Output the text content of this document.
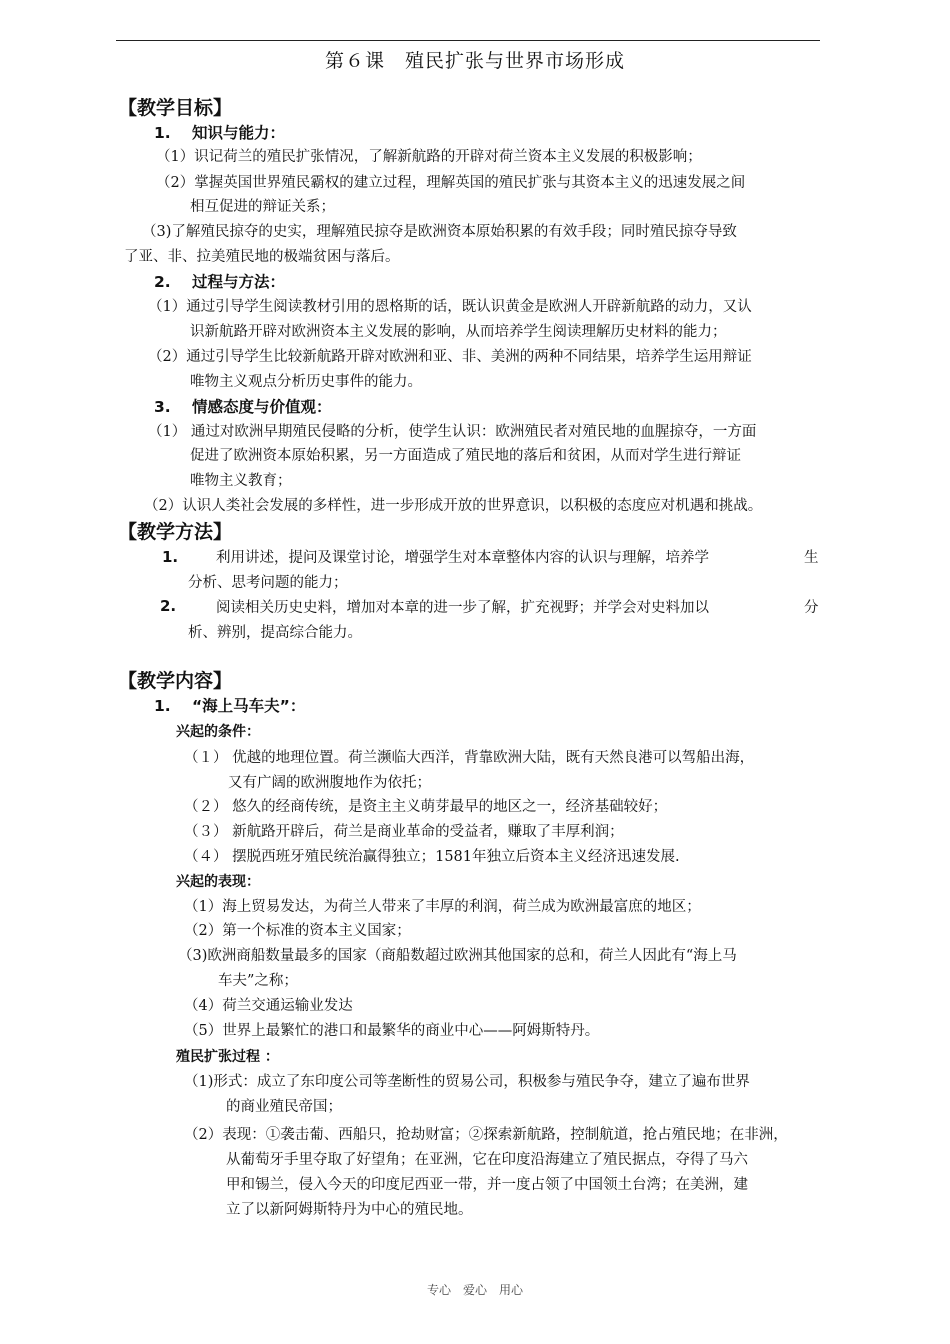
第６课　殖民扩张与世界市场形成
【教学目标】
1. 知识与能力：
（1）识记荷兰的殖民扩张情况，了解新航路的开辟对荷兰资本主义发展的积极影响；
（2）掌握英国世界殖民霸权的建立过程，理解英国的殖民扩张与其资本主义的迅速发展之间
相互促进的辩证关系；
（3)了解殖民掠夺的史实，理解殖民掠夺是欧洲资本原始积累的有效手段；同时殖民掠夺导致
了亚、非、拉美殖民地的极端贫困与落后。
2. 过程与方法：
（1）通过引导学生阅读教材引用的恩格斯的话，既认识黄金是欧洲人开辟新航路的动力，又认
识新航路开辟对欧洲资本主义发展的影响，从而培养学生阅读理解历史材料的能力；
（2）通过引导学生比较新航路开辟对欧洲和亚、非、美洲的两种不同结果，培养学生运用辩证
唯物主义观点分析历史事件的能力。
3. 情感态度与价值观：
（1） 通过对欧洲早期殖民侵略的分析，使学生认识：欧洲殖民者对殖民地的血腥掠夺，一方面
促进了欧洲资本原始积累，另一方面造成了殖民地的落后和贫困，从而对学生进行辩证
唯物主义教育；
（2）认识人类社会发展的多样性，进一步形成开放的世界意识，以积极的态度应对机遇和挑战。
【教学方法】
1.	利用讲述，提问及课堂讨论，增强学生对本章整体内容的认识与理解，培养学	生
分析、思考问题的能力；
2.	阅读相关历史史料，增加对本章的进一步了解，扩充视野；并学会对史料加以	分
析、辨别，提高综合能力。
【教学内容】
1. “海上马车夫”：
兴起的条件：
（１） 优越的地理位置。荷兰濒临大西洋，背靠欧洲大陆，既有天然良港可以驾船出海，
又有广阔的欧洲腹地作为依托；
（２） 悠久的经商传统，是资主主义萌芽最早的地区之一，经济基础较好；
（３） 新航路开辟后，荷兰是商业革命的受益者，赚取了丰厚利润；
（４） 摆脱西班牙殖民统治赢得独立；1581年独立后资本主义经济迅速发展.
兴起的表现：
（1）海上贸易发达，为荷兰人带来了丰厚的利润，荷兰成为欧洲最富庶的地区；
（2）第一个标准的资本主义国家；
（3)欧洲商船数量最多的国家（商船数超过欧洲其他国家的总和，荷兰人因此有“海上马
车夫”之称；
（4）荷兰交通运输业发达
（5）世界上最繁忙的港口和最繁华的商业中心——阿姆斯特丹。
殖民扩张过程 ：
（1)形式：成立了东印度公司等垄断性的贸易公司，积极参与殖民争夺，建立了遍布世界
的商业殖民帝国；
（2）表现：①袭击葡、西船只，抢劫财富；②探索新航路，控制航道，抢占殖民地；在非洲，
从葡萄牙手里夺取了好望角；在亚洲，它在印度沿海建立了殖民据点，夺得了马六
甲和锡兰，侵入今天的印度尼西亚一带，并一度占领了中国领土台湾；在美洲，建
立了以新阿姆斯特丹为中心的殖民地。
专心　爱心　用心
